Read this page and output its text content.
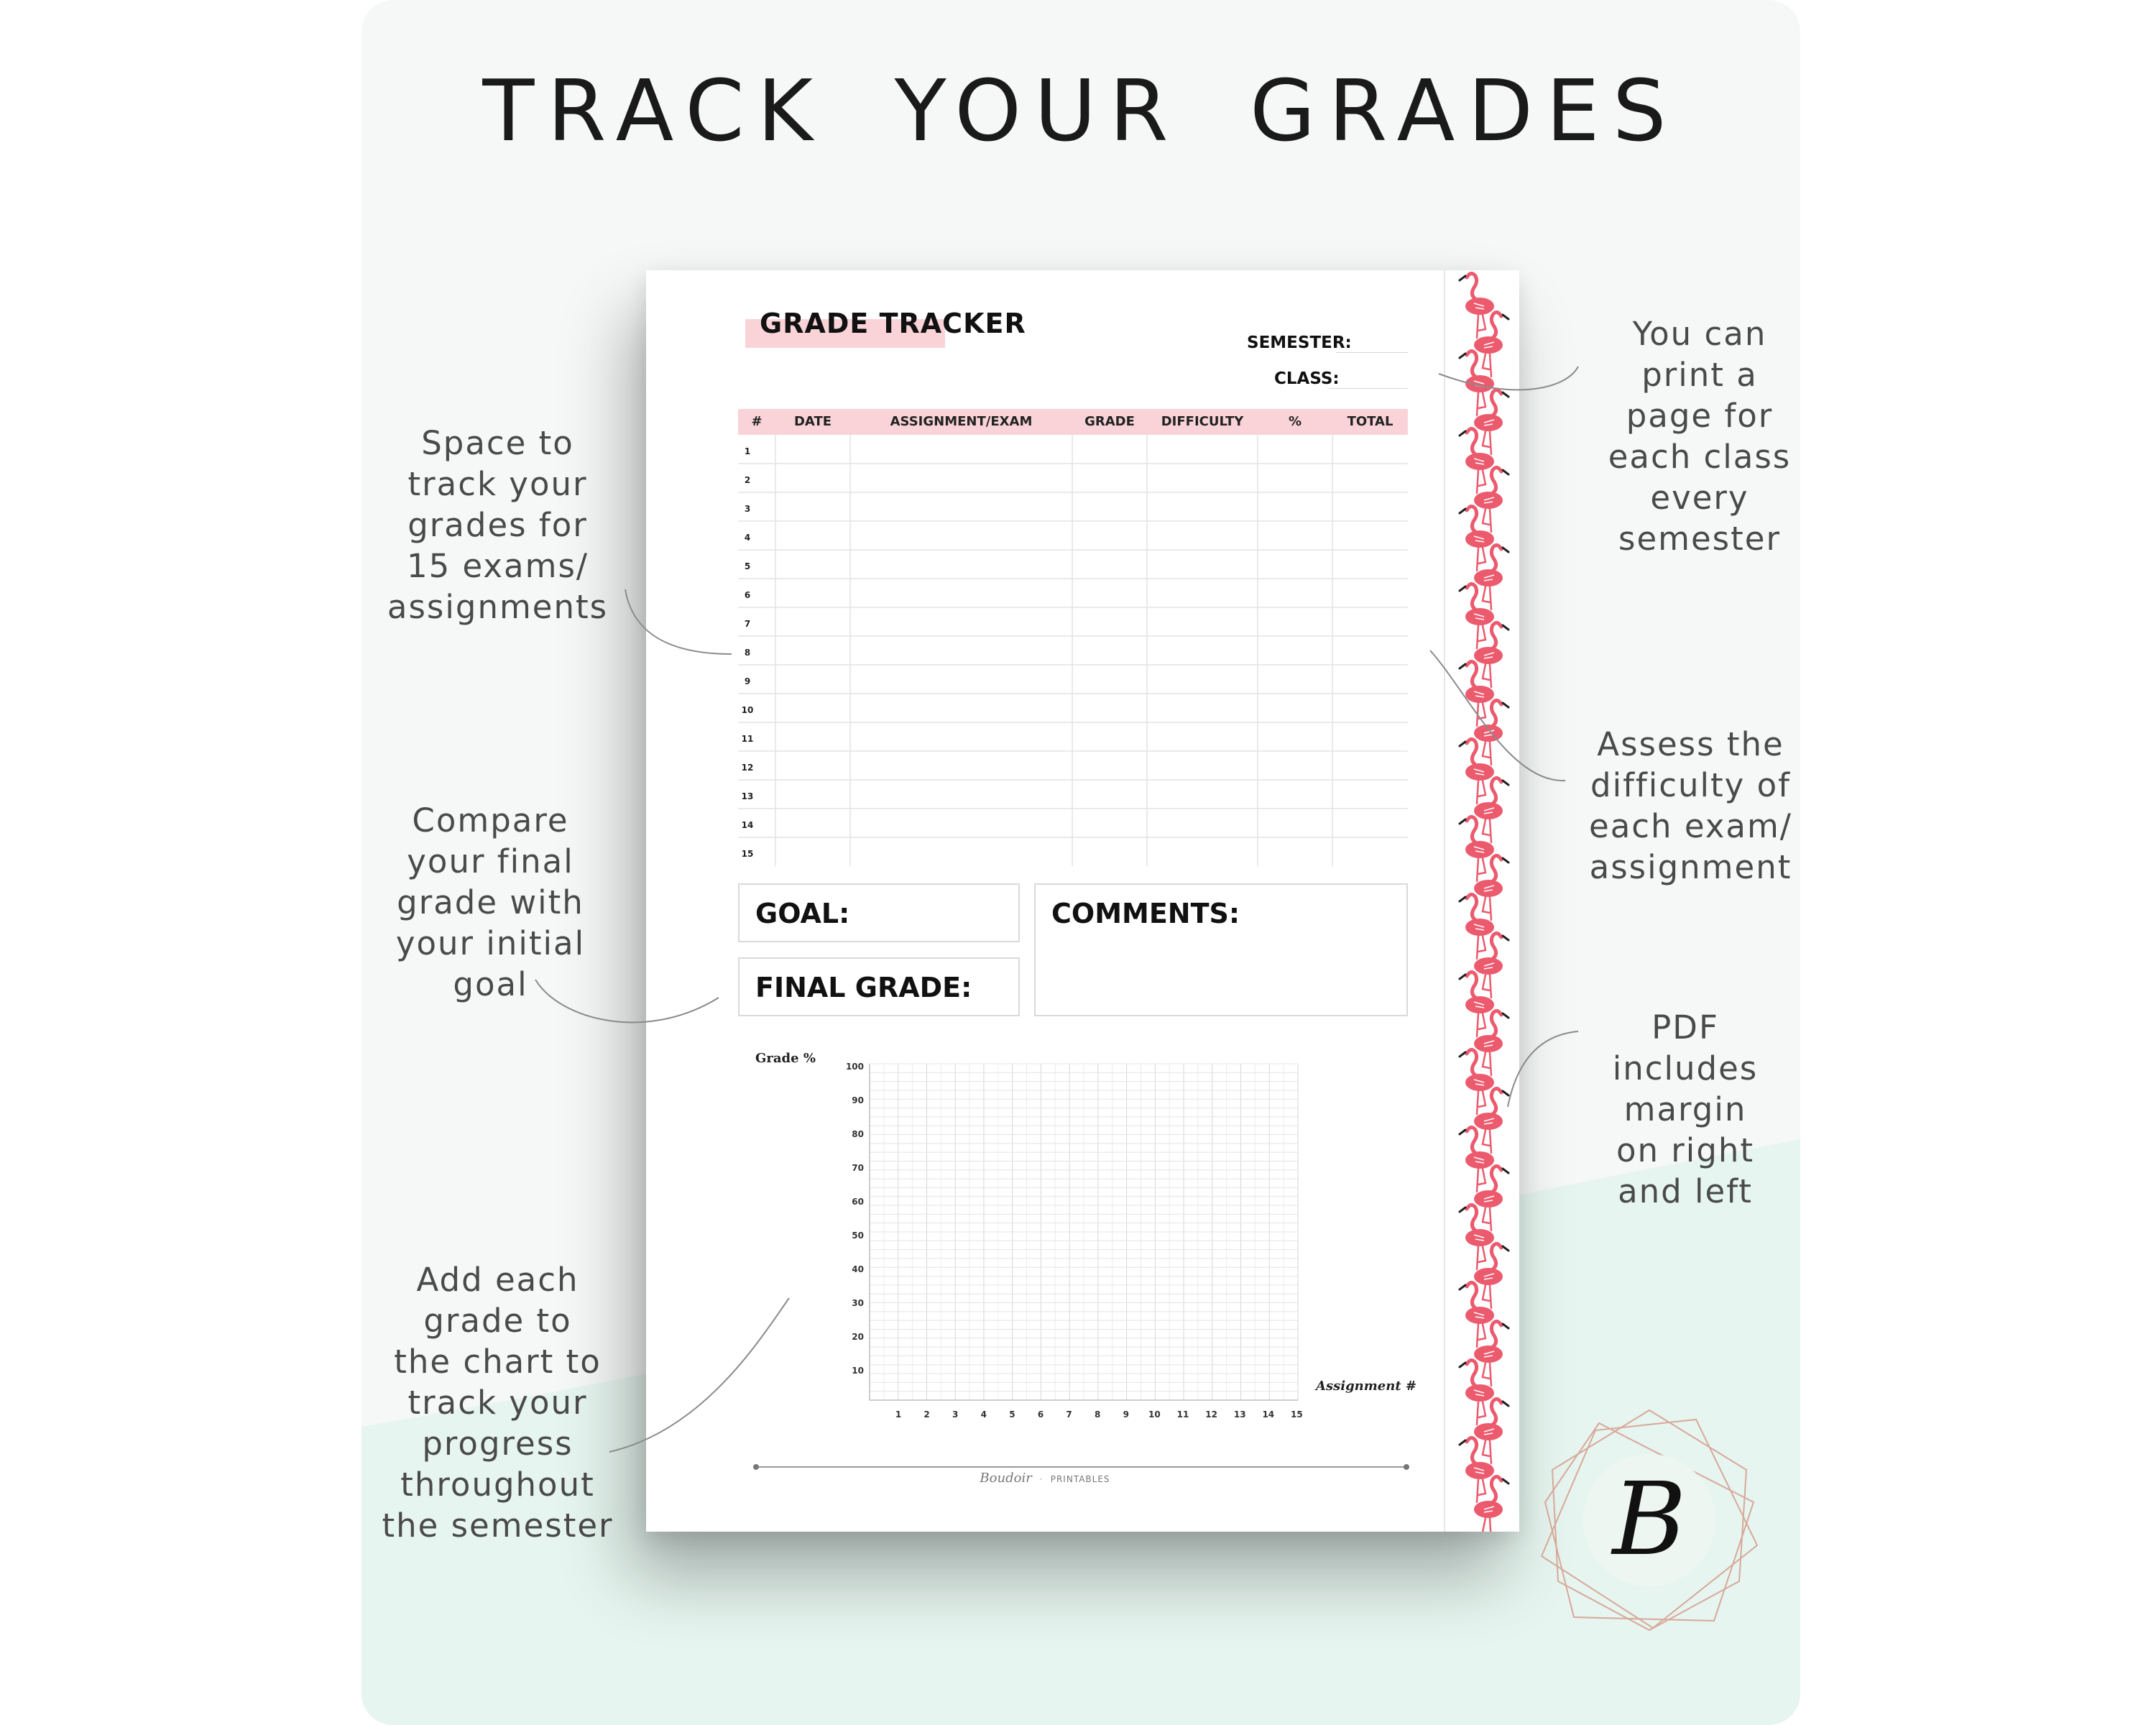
TRACK YOUR GRADES
Space to
track your
grades for
15 exams/
assignments
Compare
your final
grade with
your initial
goal
Add each
grade to
the chart to
track your
progress
throughout
the semester
You can
print a
page for
each class
every
semester
Assess the
difficulty of
each exam/
assignment
PDF
includes
margin
on right
and left
GRADE TRACKER
SEMESTER:
CLASS:
#	DATE	ASSIGNMENT/EXAM	GRADE	DIFFICULTY	%	TOTAL
1
2
3
4
5
6
7
8
9
10
11
12
13
14
15
GOAL:
FINAL GRADE:
COMMENTS:
Grade %
Assignment #
100
90
80
70
60
50
40
30
20
10
1	2	3	4	5	6	7	8	9 10 11 12 13 14 15
Boudoir  ·  PRINTABLES	B
